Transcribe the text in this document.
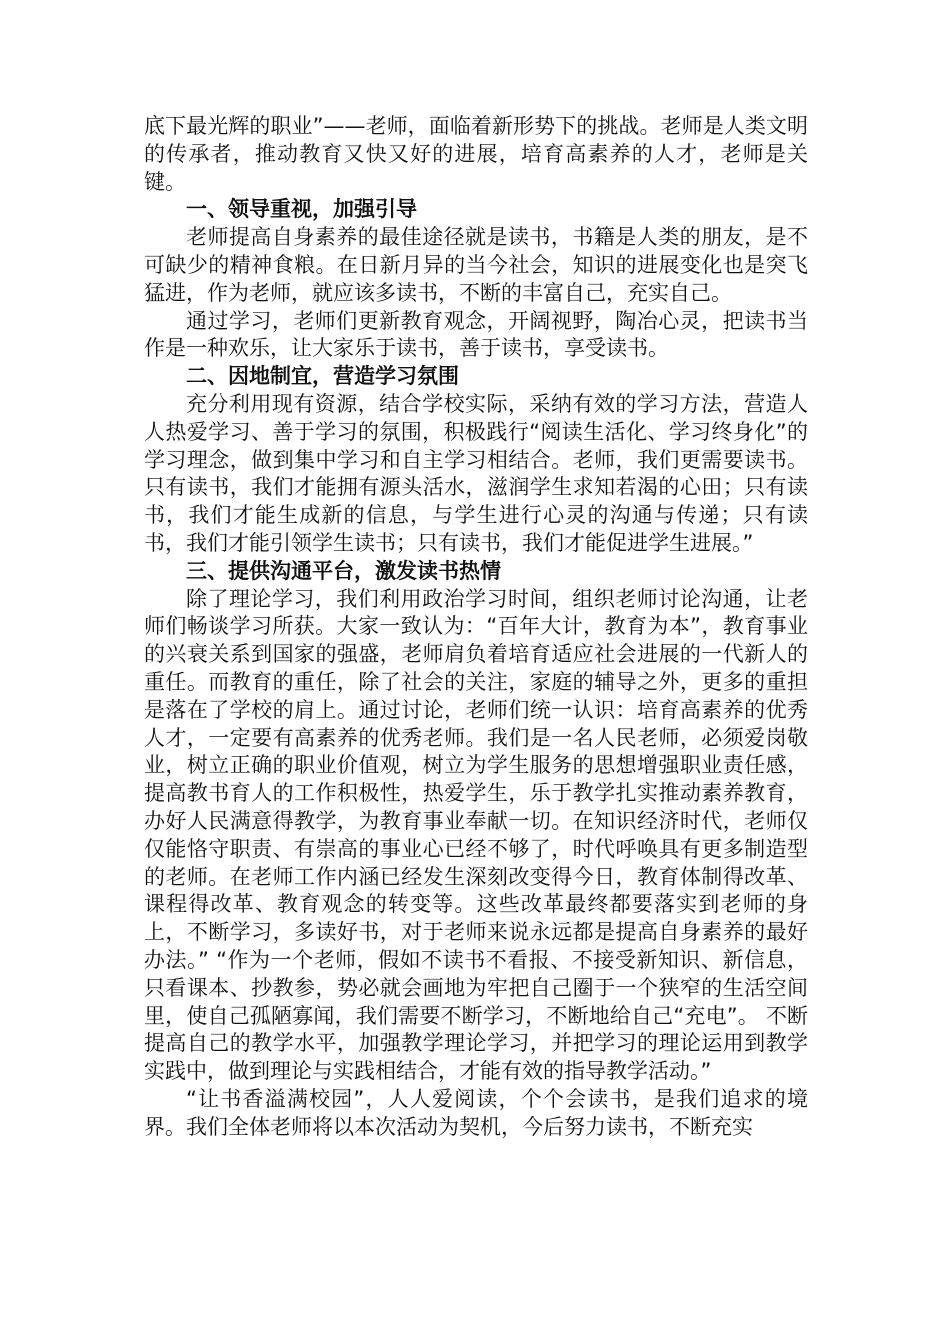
底下最光辉的职业”——老师，面临着新形势下的挑战。老师是人类文明的传承者，推动教育又快又好的进展，培育高素养的人才，老师是关键。

一、领导重视，加强引导

老师提高自身素养的最佳途径就是读书，书籍是人类的朋友，是不可缺少的精神食粮。在日新月异的当今社会，知识的进展变化也是突飞猛进，作为老师，就应该多读书，不断的丰富自己，充实自己。

通过学习，老师们更新教育观念，开阔视野，陶冶心灵，把读书当作是一种欢乐，让大家乐于读书，善于读书，享受读书。

二、因地制宜，营造学习氛围

充分利用现有资源，结合学校实际，采纳有效的学习方法，营造人人热爱学习、善于学习的氛围，积极践行“阅读生活化、学习终身化”的学习理念，做到集中学习和自主学习相结合。老师，我们更需要读书。只有读书，我们才能拥有源头活水，滋润学生求知若渴的心田；只有读书，我们才能生成新的信息，与学生进行心灵的沟通与传递；只有读书，我们才能引领学生读书；只有读书，我们才能促进学生进展。”

三、提供沟通平台，激发读书热情

除了理论学习，我们利用政治学习时间，组织老师讨论沟通，让老师们畅谈学习所获。大家一致认为：“百年大计，教育为本”，教育事业的兴衰关系到国家的强盛，老师肩负着培育适应社会进展的一代新人的重任。而教育的重任，除了社会的关注，家庭的辅导之外，更多的重担是落在了学校的肩上。通过讨论，老师们统一认识：培育高素养的优秀人才，一定要有高素养的优秀老师。我们是一名人民老师，必须爱岗敬业，树立正确的职业价值观，树立为学生服务的思想增强职业责任感，提高教书育人的工作积极性，热爱学生，乐于教学扎实推动素养教育，办好人民满意得教学，为教育事业奉献一切。在知识经济时代，老师仅仅能恪守职责、有崇高的事业心已经不够了，时代呼唤具有更多制造型的老师。在老师工作内涵已经发生深刻改变得今日，教育体制得改革、课程得改革、教育观念的转变等。这些改革最终都要落实到老师的身上，不断学习，多读好书，对于老师来说永远都是提高自身素养的最好办法。” “作为一个老师，假如不读书不看报、不接受新知识、新信息，只看课本、抄教参，势必就会画地为牢把自己圈于一个狭窄的生活空间里，使自己孤陋寡闻，我们需要不断学习，不断地给自己“充电”。 不断提高自己的教学水平，加强教学理论学习，并把学习的理论运用到教学实践中，做到理论与实践相结合，才能有效的指导教学活动。”

“让书香溢满校园”，人人爱阅读，个个会读书，是我们追求的境界。我们全体老师将以本次活动为契机，今后努力读书，不断充实
